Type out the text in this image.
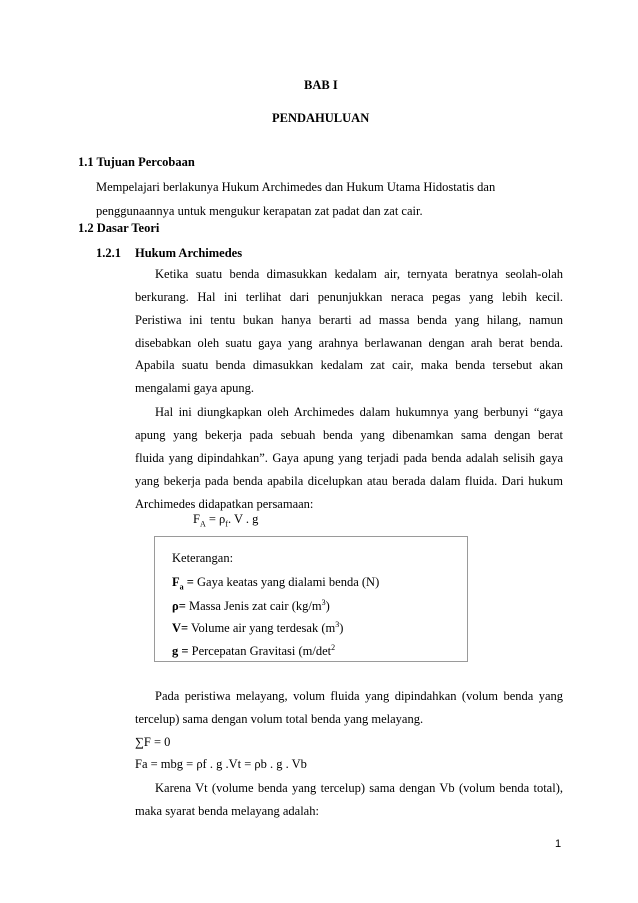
BAB I
PENDAHULUAN
1.1 Tujuan Percobaan
Mempelajari berlakunya Hukum Archimedes dan Hukum Utama Hidostatis dan
penggunaannya untuk mengukur kerapatan zat padat dan zat cair.
1.2 Dasar Teori
1.2.1 Hukum Archimedes
Ketika suatu benda dimasukkan kedalam air, ternyata beratnya seolah-olah
berkurang. Hal ini terlihat dari penunjukkan neraca pegas yang lebih kecil.
Peristiwa ini tentu bukan hanya berarti ad massa benda yang hilang, namun
disebabkan oleh suatu gaya yang arahnya berlawanan dengan arah berat benda.
Apabila suatu benda dimasukkan kedalam zat cair, maka benda tersebut akan
mengalami gaya apung.
Hal ini diungkapkan oleh Archimedes dalam hukumnya yang berbunyi “gaya
apung yang bekerja pada sebuah benda yang dibenamkan sama dengan berat
fluida yang dipindahkan”. Gaya apung yang terjadi pada benda adalah selisih gaya
yang bekerja pada benda apabila dicelupkan atau berada dalam fluida. Dari hukum
Archimedes didapatkan persamaan:
$F_A = \rho_f$. V . g
Keterangan:
$F_a$ = Gaya keatas yang dialami benda (N)
ρ= Massa Jenis zat cair $(kg/m^3)$
V= Volume air yang terdesak $(m^3)$
g = Percepatan Gravitasi ($m/\det^2$
Pada peristiwa melayang, volum fluida yang dipindahkan (volum benda yang
tercelup) sama dengan volum total benda yang melayang.
∑F = 0
Fa = mbg = ρf . g .Vt = ρb . g . Vb
Karena Vt (volume benda yang tercelup) sama dengan Vb (volum benda total),
maka syarat benda melayang adalah:
1
